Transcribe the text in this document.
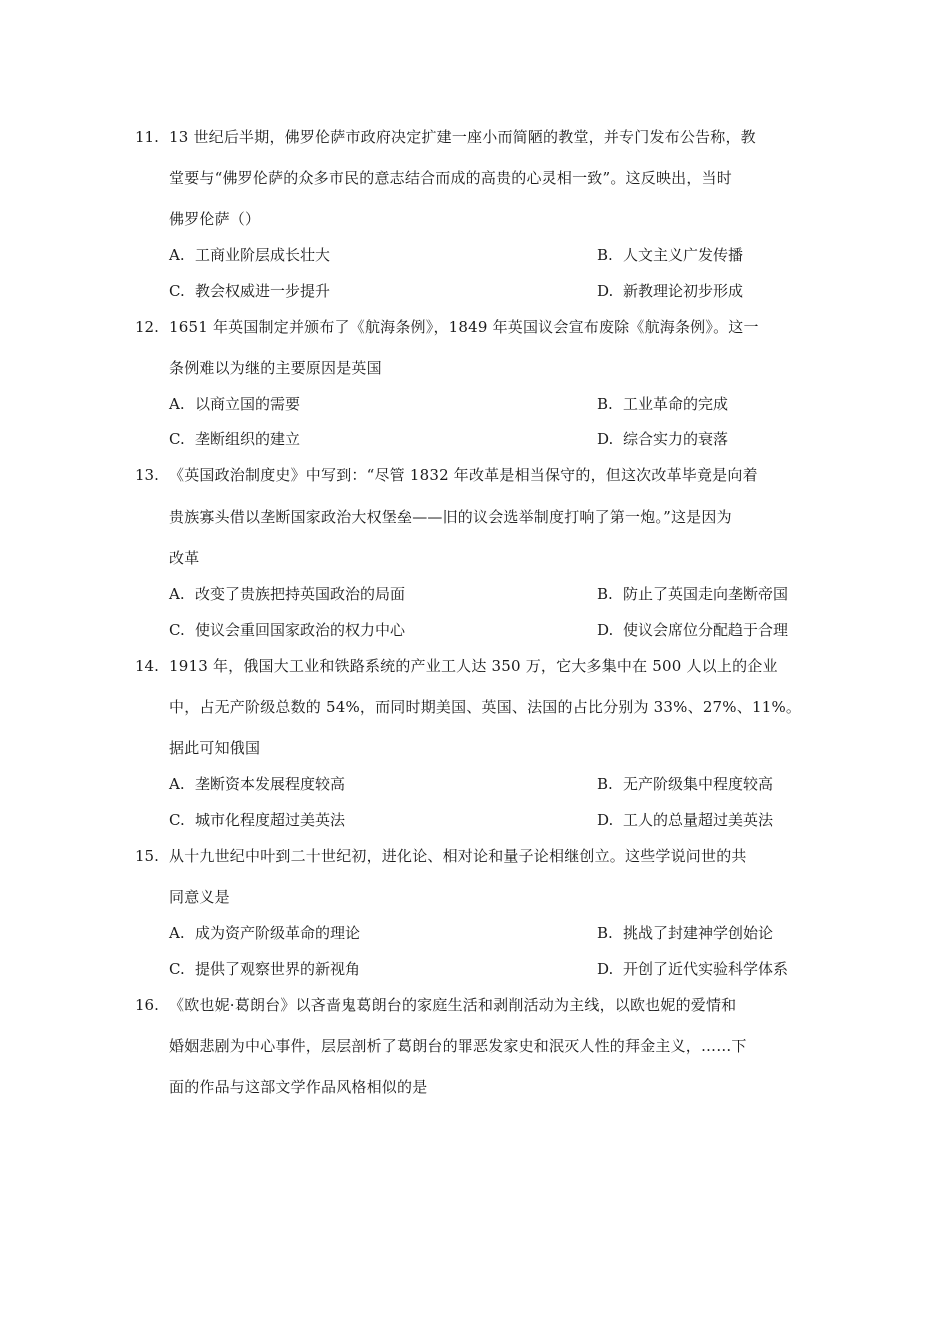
11. 13 世纪后半期，佛罗伦萨市政府决定扩建一座小而简陋的教堂，并专门发布公告称，教
堂要与“佛罗伦萨的众多市民的意志结合而成的高贵的心灵相一致”。这反映出，当时
佛罗伦萨（）
A. 工商业阶层成长壮大	B. 人文主义广发传播
C. 教会权威进一步提升	D. 新教理论初步形成
12. 1651 年英国制定并颁布了《航海条例》，1849 年英国议会宣布废除《航海条例》。这一
条例难以为继的主要原因是英国
A. 以商立国的需要	B. 工业革命的完成
C. 垄断组织的建立	D. 综合实力的衰落
13. 《英国政治制度史》中写到：“尽管 1832 年改革是相当保守的，但这次改革毕竟是向着
贵族寡头借以垄断国家政治大权堡垒——旧的议会选举制度打响了第一炮。”这是因为
改革
A. 改变了贵族把持英国政治的局面	B. 防止了英国走向垄断帝国
C. 使议会重回国家政治的权力中心	D. 使议会席位分配趋于合理
14. 1913 年，俄国大工业和铁路系统的产业工人达 350 万，它大多集中在 500 人以上的企业
中，占无产阶级总数的 54%，而同时期美国、英国、法国的占比分别为 33%、27%、11%。
据此可知俄国
A. 垄断资本发展程度较高	B. 无产阶级集中程度较高
C. 城市化程度超过美英法	D. 工人的总量超过美英法
15. 从十九世纪中叶到二十世纪初，进化论、相对论和量子论相继创立。这些学说问世的共
同意义是
A. 成为资产阶级革命的理论	B. 挑战了封建神学创始论
C. 提供了观察世界的新视角	D. 开创了近代实验科学体系
16. 《欧也妮·葛朗台》以吝啬鬼葛朗台的家庭生活和剥削活动为主线，以欧也妮的爱情和
婚姻悲剧为中心事件，层层剖析了葛朗台的罪恶发家史和泯灭人性的拜金主义，……下
面的作品与这部文学作品风格相似的是
